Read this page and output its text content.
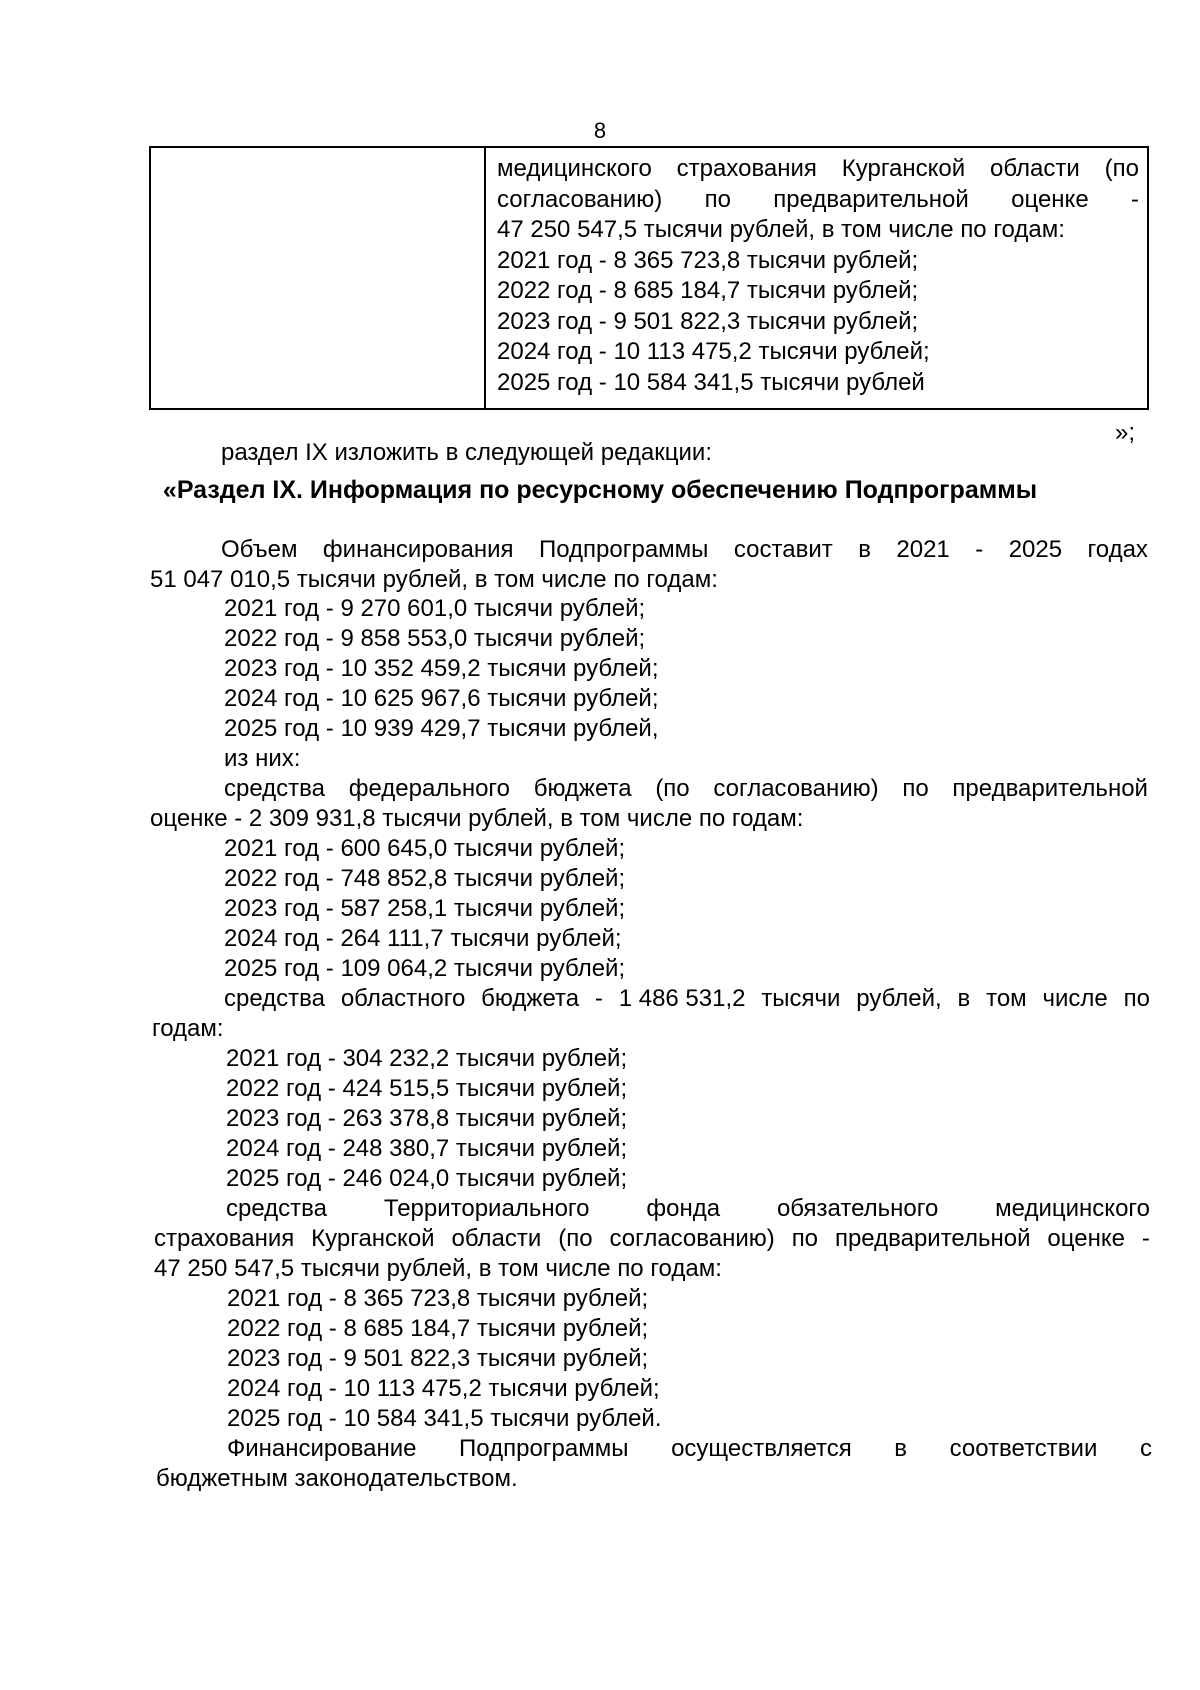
8
медицинского страхования Курганской области (по
согласованию) по предварительной оценке -
47 250 547,5 тысячи рублей, в том числе по годам:
2021 год - 8 365 723,8 тысячи рублей;
2022 год - 8 685 184,7 тысячи рублей;
2023 год - 9 501 822,3 тысячи рублей;
2024 год - 10 113 475,2 тысячи рублей;
2025 год - 10 584 341,5 тысячи рублей
»;
раздел IX изложить в следующей редакции:
«Раздел IX. Информация по ресурсному обеспечению Подпрограммы
Объем финансирования Подпрограммы составит в 2021 - 2025 годах
51 047 010,5 тысячи рублей, в том числе по годам:
2021 год - 9 270 601,0 тысячи рублей;
2022 год - 9 858 553,0 тысячи рублей;
2023 год - 10 352 459,2 тысячи рублей;
2024 год - 10 625 967,6 тысячи рублей;
2025 год - 10 939 429,7 тысячи рублей,
из них:
средства федерального бюджета (по согласованию) по предварительной
оценке - 2 309 931,8 тысячи рублей, в том числе по годам:
2021 год - 600 645,0 тысячи рублей;
2022 год - 748 852,8 тысячи рублей;
2023 год - 587 258,1 тысячи рублей;
2024 год - 264 111,7 тысячи рублей;
2025 год - 109 064,2 тысячи рублей;
средства областного бюджета - 1 486 531,2 тысячи рублей, в том числе по
годам:
2021 год - 304 232,2 тысячи рублей;
2022 год - 424 515,5 тысячи рублей;
2023 год - 263 378,8 тысячи рублей;
2024 год - 248 380,7 тысячи рублей;
2025 год - 246 024,0 тысячи рублей;
средства Территориального фонда обязательного медицинского
страхования Курганской области (по согласованию) по предварительной оценке -
47 250 547,5 тысячи рублей, в том числе по годам:
2021 год - 8 365 723,8 тысячи рублей;
2022 год - 8 685 184,7 тысячи рублей;
2023 год - 9 501 822,3 тысячи рублей;
2024 год - 10 113 475,2 тысячи рублей;
2025 год - 10 584 341,5 тысячи рублей.
Финансирование Подпрограммы осуществляется в соответствии с
бюджетным законодательством.
